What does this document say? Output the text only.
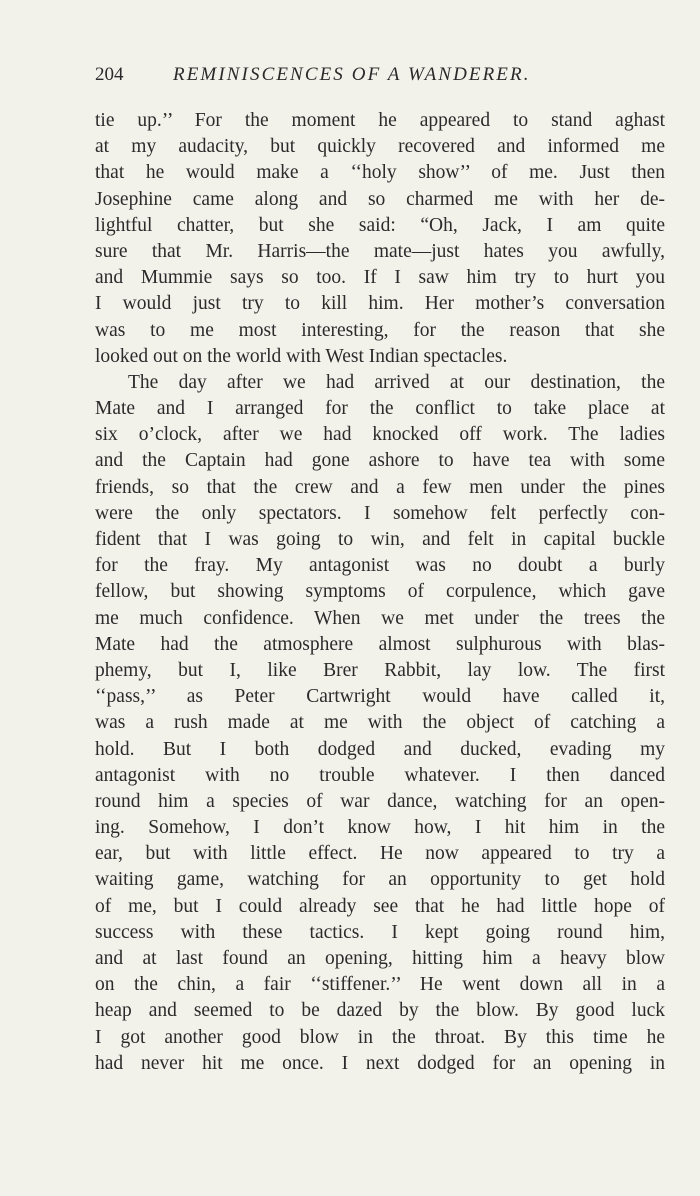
204	REMINISCENCES OF A WANDERER.

tie up.’’ For the moment he appeared to stand aghast
at my audacity, but quickly recovered and informed me
that he would make a ‘‘holy show’’ of me. Just then
Josephine came along and so charmed me with her de-
lightful chatter, but she said: “Oh, Jack, I am quite
sure that Mr. Harris—the mate—just hates you awfully,
and Mummie says so too. If I saw him try to hurt you
I would just try to kill him. Her mother’s conversation
was to me most interesting, for the reason that she
looked out on the world with West Indian spectacles.

The day after we had arrived at our destination, the
Mate and I arranged for the conflict to take place at
six o’clock, after we had knocked off work. The ladies
and the Captain had gone ashore to have tea with some
friends, so that the crew and a few men under the pines
were the only spectators. I somehow felt perfectly con-
fident that I was going to win, and felt in capital buckle
for the fray. My antagonist was no doubt a burly
fellow, but showing symptoms of corpulence, which gave
me much confidence. When we met under the trees the
Mate had the atmosphere almost sulphurous with blas-
phemy, but I, like Brer Rabbit, lay low. The first
‘‘pass,’’ as Peter Cartwright would have called it,
was a rush made at me with the object of catching a
hold. But I both dodged and ducked, evading my
antagonist with no trouble whatever. I then danced
round him a species of war dance, watching for an open-
ing. Somehow, I don’t know how, I hit him in the
ear, but with little effect. He now appeared to try a
waiting game, watching for an opportunity to get hold
of me, but I could already see that he had little hope of
success with these tactics. I kept going round him,
and at last found an opening, hitting him a heavy blow
on the chin, a fair ‘‘stiffener.’’ He went down all in a
heap and seemed to be dazed by the blow. By good luck
I got another good blow in the throat. By this time he
had never hit me once. I next dodged for an opening in
